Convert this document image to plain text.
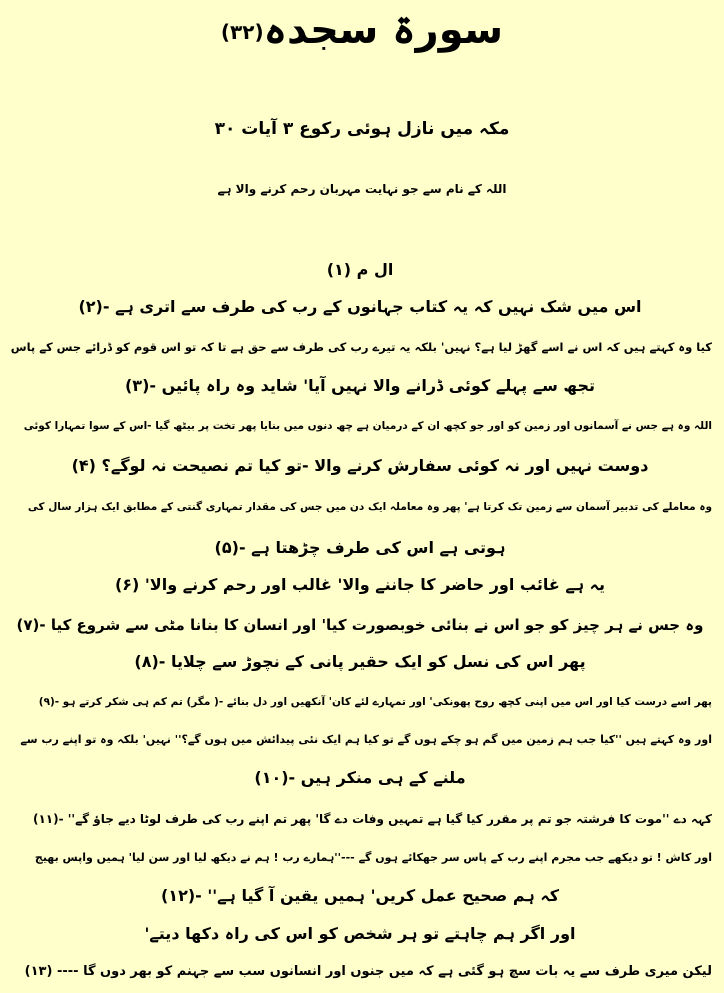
سورۃ سجدہ(۳۲)
مکہ میں نازل ہوئی رکوع ۳ آیات ۳۰
اللہ کے نام سے جو نہایت مہربان رحم کرنے والا ہے
ال م (۱)
اس میں شک نہیں کہ یہ کتاب جہانوں کے رب کی طرف سے اتری ہے -(۲)
کیا وہ کہتے ہیں کہ اس نے اسے گھڑ لیا ہے؟ نہیں' بلکہ یہ تیرے رب کی طرف سے حق ہے تا کہ تو اس قوم کو ڈرائے جس کے پاس
تجھ سے پہلے کوئی ڈرانے والا نہیں آیا' شاید وہ راہ پائیں -(۳)
اللہ وہ ہے جس نے آسمانوں اور زمین کو اور جو کچھ ان کے درمیان ہے چھ دنوں میں بنایا پھر تخت پر بیٹھ گیا -اس کے سوا تمہارا کوئی
دوست نہیں اور نہ کوئی سفارش کرنے والا -تو کیا تم نصیحت نہ لوگے؟ (۴)
وہ معاملے کی تدبیر آسمان سے زمین تک کرتا ہے' پھر وہ معاملہ ایک دن میں جس کی مقدار تمہاری گنتی کے مطابق ایک ہزار سال کی
ہوتی ہے اس کی طرف چڑھتا ہے -(۵)
یہ ہے غائب اور حاضر کا جاننے والا' غالب اور رحم کرنے والا' (۶)
وہ جس نے ہر چیز کو جو اس نے بنائی خوبصورت کیا' اور انسان کا بنانا مٹی سے شروع کیا -(۷)
پھر اس کی نسل کو ایک حقیر پانی کے نچوڑ سے چلایا -(۸)
پھر اسے درست کیا اور اس میں اپنی کچھ روح پھونکی' اور تمہارے لئے کان' آنکھیں اور دل بنائے -( مگر) تم کم ہی شکر کرتے ہو -(۹)
اور وہ کہتے ہیں ''کیا جب ہم زمین میں گم ہو چکے ہوں گے تو کیا ہم ایک نئی پیدائش میں ہوں گے؟'' نہیں' بلکہ وہ تو اپنے رب سے
ملنے کے ہی منکر ہیں -(۱۰)
کہہ دے ''موت کا فرشتہ جو تم پر مقرر کیا گیا ہے تمہیں وفات دے گا' پھر تم اپنے رب کی طرف لوٹا دیے جاؤ گے'' -(۱۱)
اور کاش ! تو دیکھے جب مجرم اپنے رب کے پاس سر جھکائے ہوں گے ---''ہمارے رب ! ہم نے دیکھ لیا اور سن لیا' ہمیں واپس بھیج
کہ ہم صحیح عمل کریں' ہمیں یقین آ گیا ہے'' -(۱۲)
اور اگر ہم چاہتے تو ہر شخص کو اس کی راہ دکھا دیتے'
لیکن میری طرف سے یہ بات سچ ہو گئی ہے کہ میں جنوں اور انسانوں سب سے جہنم کو بھر دوں گا ---- (۱۳)
